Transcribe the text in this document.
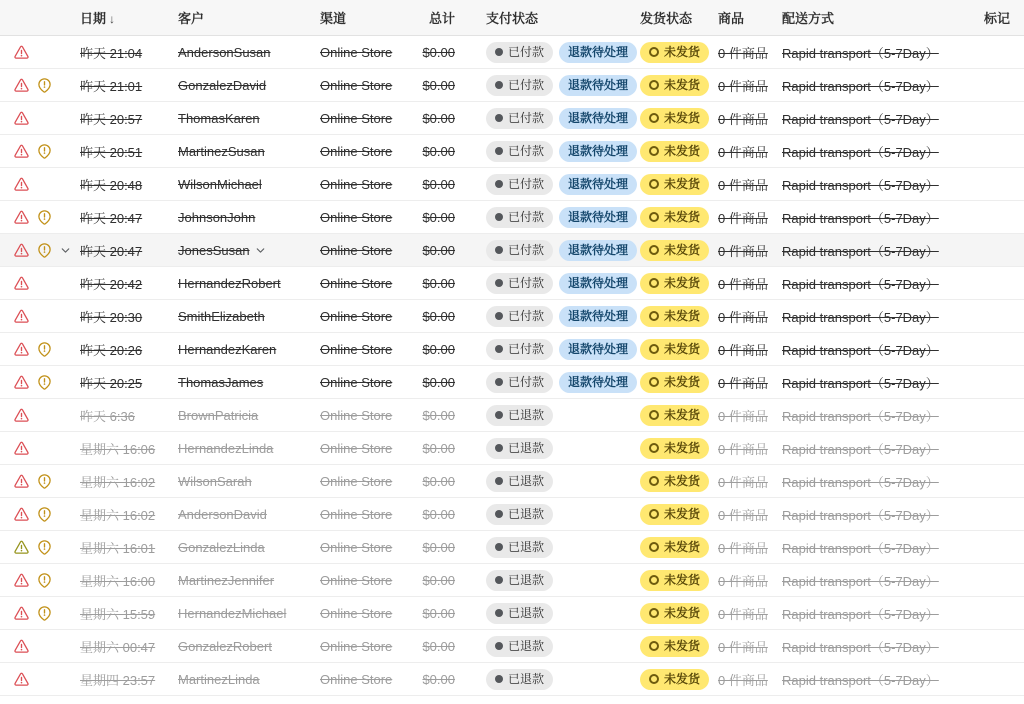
日期 ↓	客户	渠道	总计 支付状态	发货状态 商品	配送方式	标记
昨天 21:04	AndersonSusan	Online Store	$0.00	已付款 退款待处理	未发货 0 件商品	Rapid transport（5-7Day）
昨天 21:01	GonzalezDavid	Online Store	$0.00	已付款 退款待处理	未发货 0 件商品	Rapid transport（5-7Day）
昨天 20:57	ThomasKaren	Online Store	$0.00	已付款 退款待处理	未发货 0 件商品	Rapid transport（5-7Day）
昨天 20:51	MartinezSusan	Online Store	$0.00	已付款 退款待处理	未发货 0 件商品	Rapid transport（5-7Day）
昨天 20:48	WilsonMichael	Online Store	$0.00	已付款 退款待处理	未发货 0 件商品	Rapid transport（5-7Day）
昨天 20:47	JohnsonJohn	Online Store	$0.00	已付款 退款待处理	未发货 0 件商品	Rapid transport（5-7Day）
昨天 20:47	JonesSusan	Online Store	$0.00	已付款 退款待处理	未发货 0 件商品	Rapid transport（5-7Day）
昨天 20:42	HernandezRobert	Online Store	$0.00	已付款 退款待处理	未发货 0 件商品	Rapid transport（5-7Day）
昨天 20:30	SmithElizabeth	Online Store	$0.00	已付款 退款待处理	未发货 0 件商品	Rapid transport（5-7Day）
昨天 20:26	HernandezKaren	Online Store	$0.00	已付款 退款待处理	未发货 0 件商品	Rapid transport（5-7Day）
昨天 20:25	ThomasJames	Online Store	$0.00	已付款 退款待处理	未发货 0 件商品	Rapid transport（5-7Day）
昨天 6:36	BrownPatricia	Online Store	$0.00	已退款	未发货 0 件商品	Rapid transport（5-7Day）
星期六 16:06	HernandezLinda	Online Store	$0.00	已退款	未发货 0 件商品	Rapid transport（5-7Day）
星期六 16:02	WilsonSarah	Online Store	$0.00	已退款	未发货 0 件商品	Rapid transport（5-7Day）
星期六 16:02	AndersonDavid	Online Store	$0.00	已退款	未发货 0 件商品	Rapid transport（5-7Day）
星期六 16:01	GonzalezLinda	Online Store	$0.00	已退款	未发货 0 件商品	Rapid transport（5-7Day）
星期六 16:00	MartinezJennifer	Online Store	$0.00	已退款	未发货 0 件商品	Rapid transport（5-7Day）
星期六 15:59	HernandezMichael	Online Store	$0.00	已退款	未发货 0 件商品	Rapid transport（5-7Day）
星期六 00:47	GonzalezRobert	Online Store	$0.00	已退款	未发货 0 件商品	Rapid transport（5-7Day）
星期四 23:57	MartinezLinda	Online Store	$0.00	已退款	未发货 0 件商品	Rapid transport（5-7Day）
